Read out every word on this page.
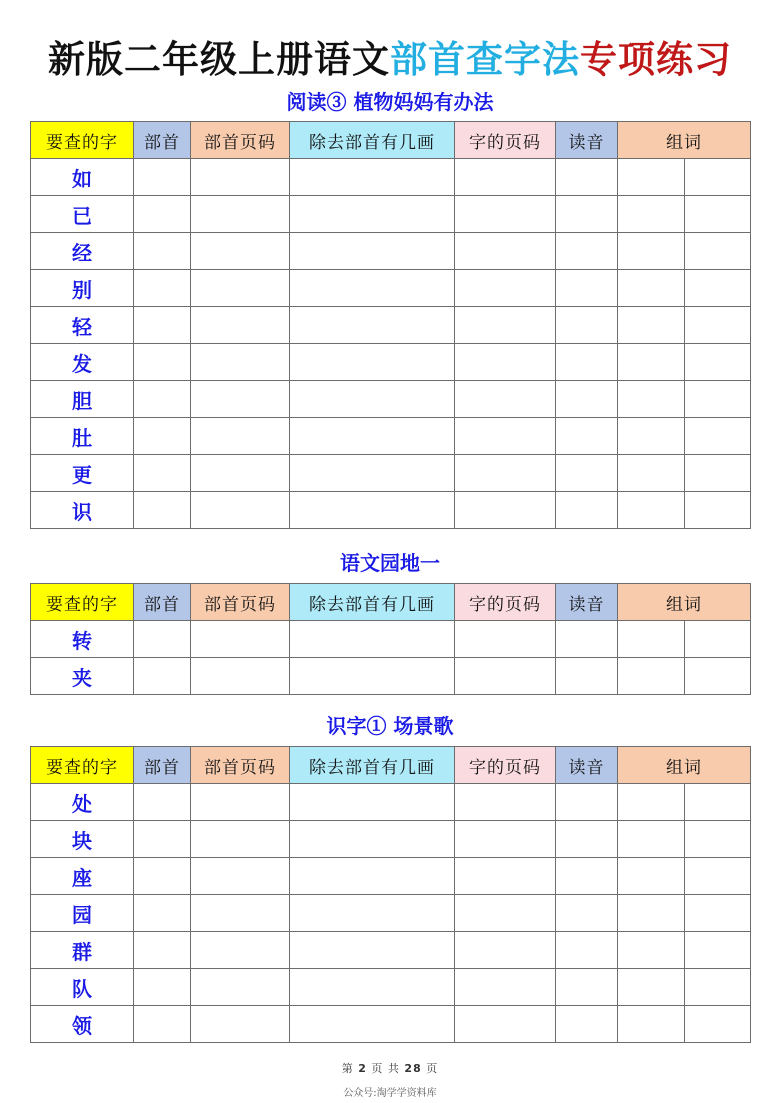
新版二年级上册语文部首查字法专项练习
阅读③ 植物妈妈有办法
要查的字	部首	部首页码	除去部首有几画	字的页码	读音	组词	
如							
已							
经							
别							
轻							
发							
胆							
肚							
更							
识							
语文园地一
要查的字	部首	部首页码	除去部首有几画	字的页码	读音	组词	
转							
夹							
识字① 场景歌
要查的字	部首	部首页码	除去部首有几画	字的页码	读音	组词	
处							
块							
座							
园							
群							
队							
领							
第 2 页 共 28 页
公众号:淘学学资料库
